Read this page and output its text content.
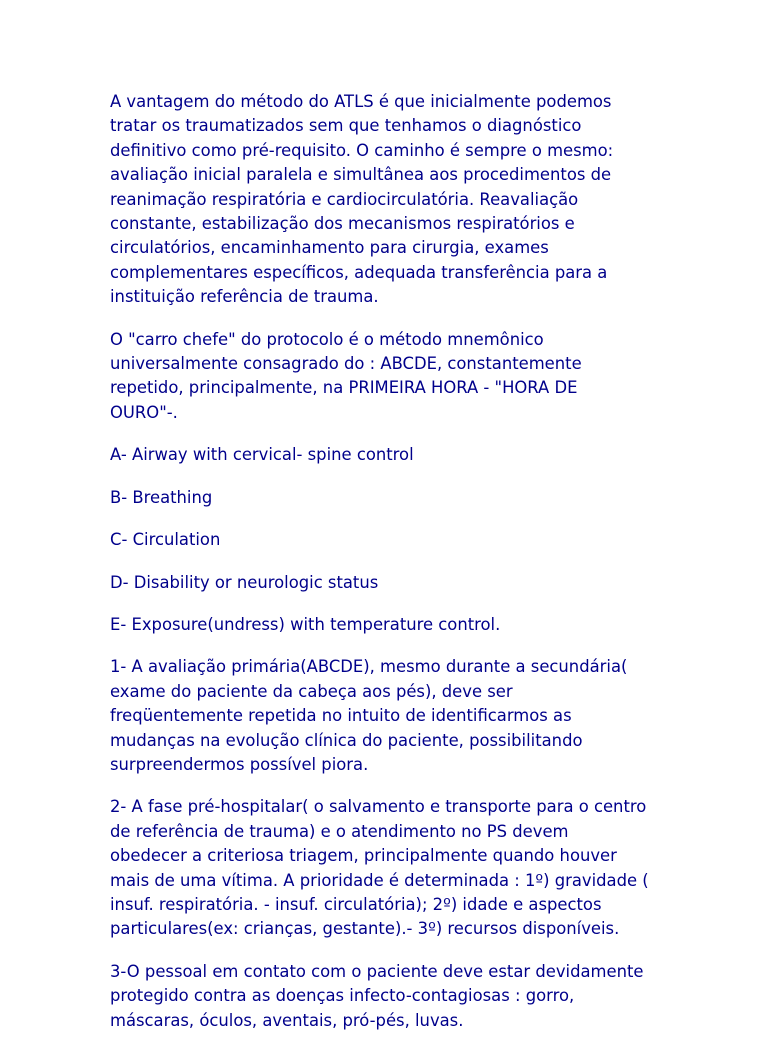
A vantagem do método do ATLS é que inicialmente podemos tratar os traumatizados sem que tenhamos o diagnóstico definitivo como pré-requisito. O caminho é sempre o mesmo: avaliação inicial paralela e simultânea aos procedimentos de reanimação respiratória e cardiocirculatória. Reavaliação constante, estabilização dos mecanismos respiratórios e circulatórios, encaminhamento para cirurgia, exames complementares específicos, adequada transferência para a instituição referência de trauma.

O "carro chefe" do protocolo é o método mnemônico universalmente consagrado do : ABCDE, constantemente repetido, principalmente, na PRIMEIRA HORA - "HORA DE OURO"-.

A- Airway with cervical- spine control

B- Breathing

C- Circulation

D- Disability or neurologic status

E- Exposure(undress) with temperature control.

1- A avaliação primária(ABCDE), mesmo durante a secundária( exame do paciente da cabeça aos pés), deve ser freqüentemente repetida no intuito de identificarmos as mudanças na evolução clínica do paciente, possibilitando surpreendermos possível piora.

2- A fase pré-hospitalar( o salvamento e transporte para o centro de referência de trauma) e o atendimento no PS devem obedecer a criteriosa triagem, principalmente quando houver mais de uma vítima. A prioridade é determinada : 1º) gravidade ( insuf. respiratória. - insuf. circulatória); 2º) idade e aspectos particulares(ex: crianças, gestante).- 3º) recursos disponíveis.

3-O pessoal em contato com o paciente deve estar devidamente protegido contra as doenças infecto-contagiosas : gorro, máscaras, óculos, aventais, pró-pés, luvas.
